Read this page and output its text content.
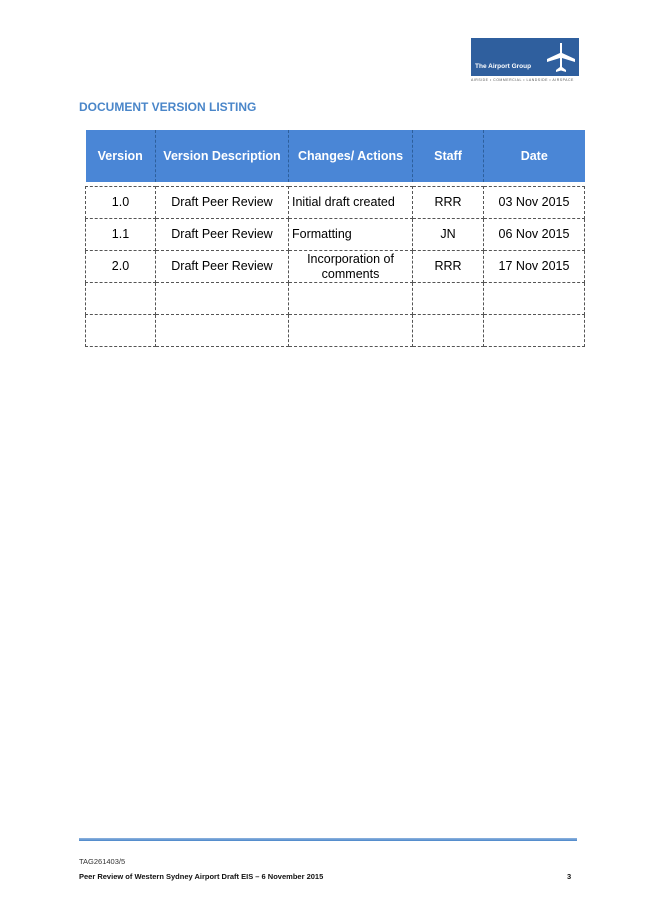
The Airport Group
AIRSIDE • COMMERCIAL • LANDSIDE • AIRSPACE
DOCUMENT VERSION LISTING
Version	Version Description	Changes/ Actions	Staff	Date

1.0	Draft Peer Review	Initial draft created	RRR	03 Nov 2015
1.1	Draft Peer Review	Formatting	JN	06 Nov 2015
2.0	Draft Peer Review	Incorporation of comments	RRR	17 Nov 2015

TAG261403/5
Peer Review of Western Sydney Airport Draft EIS – 6 November 2015	3
